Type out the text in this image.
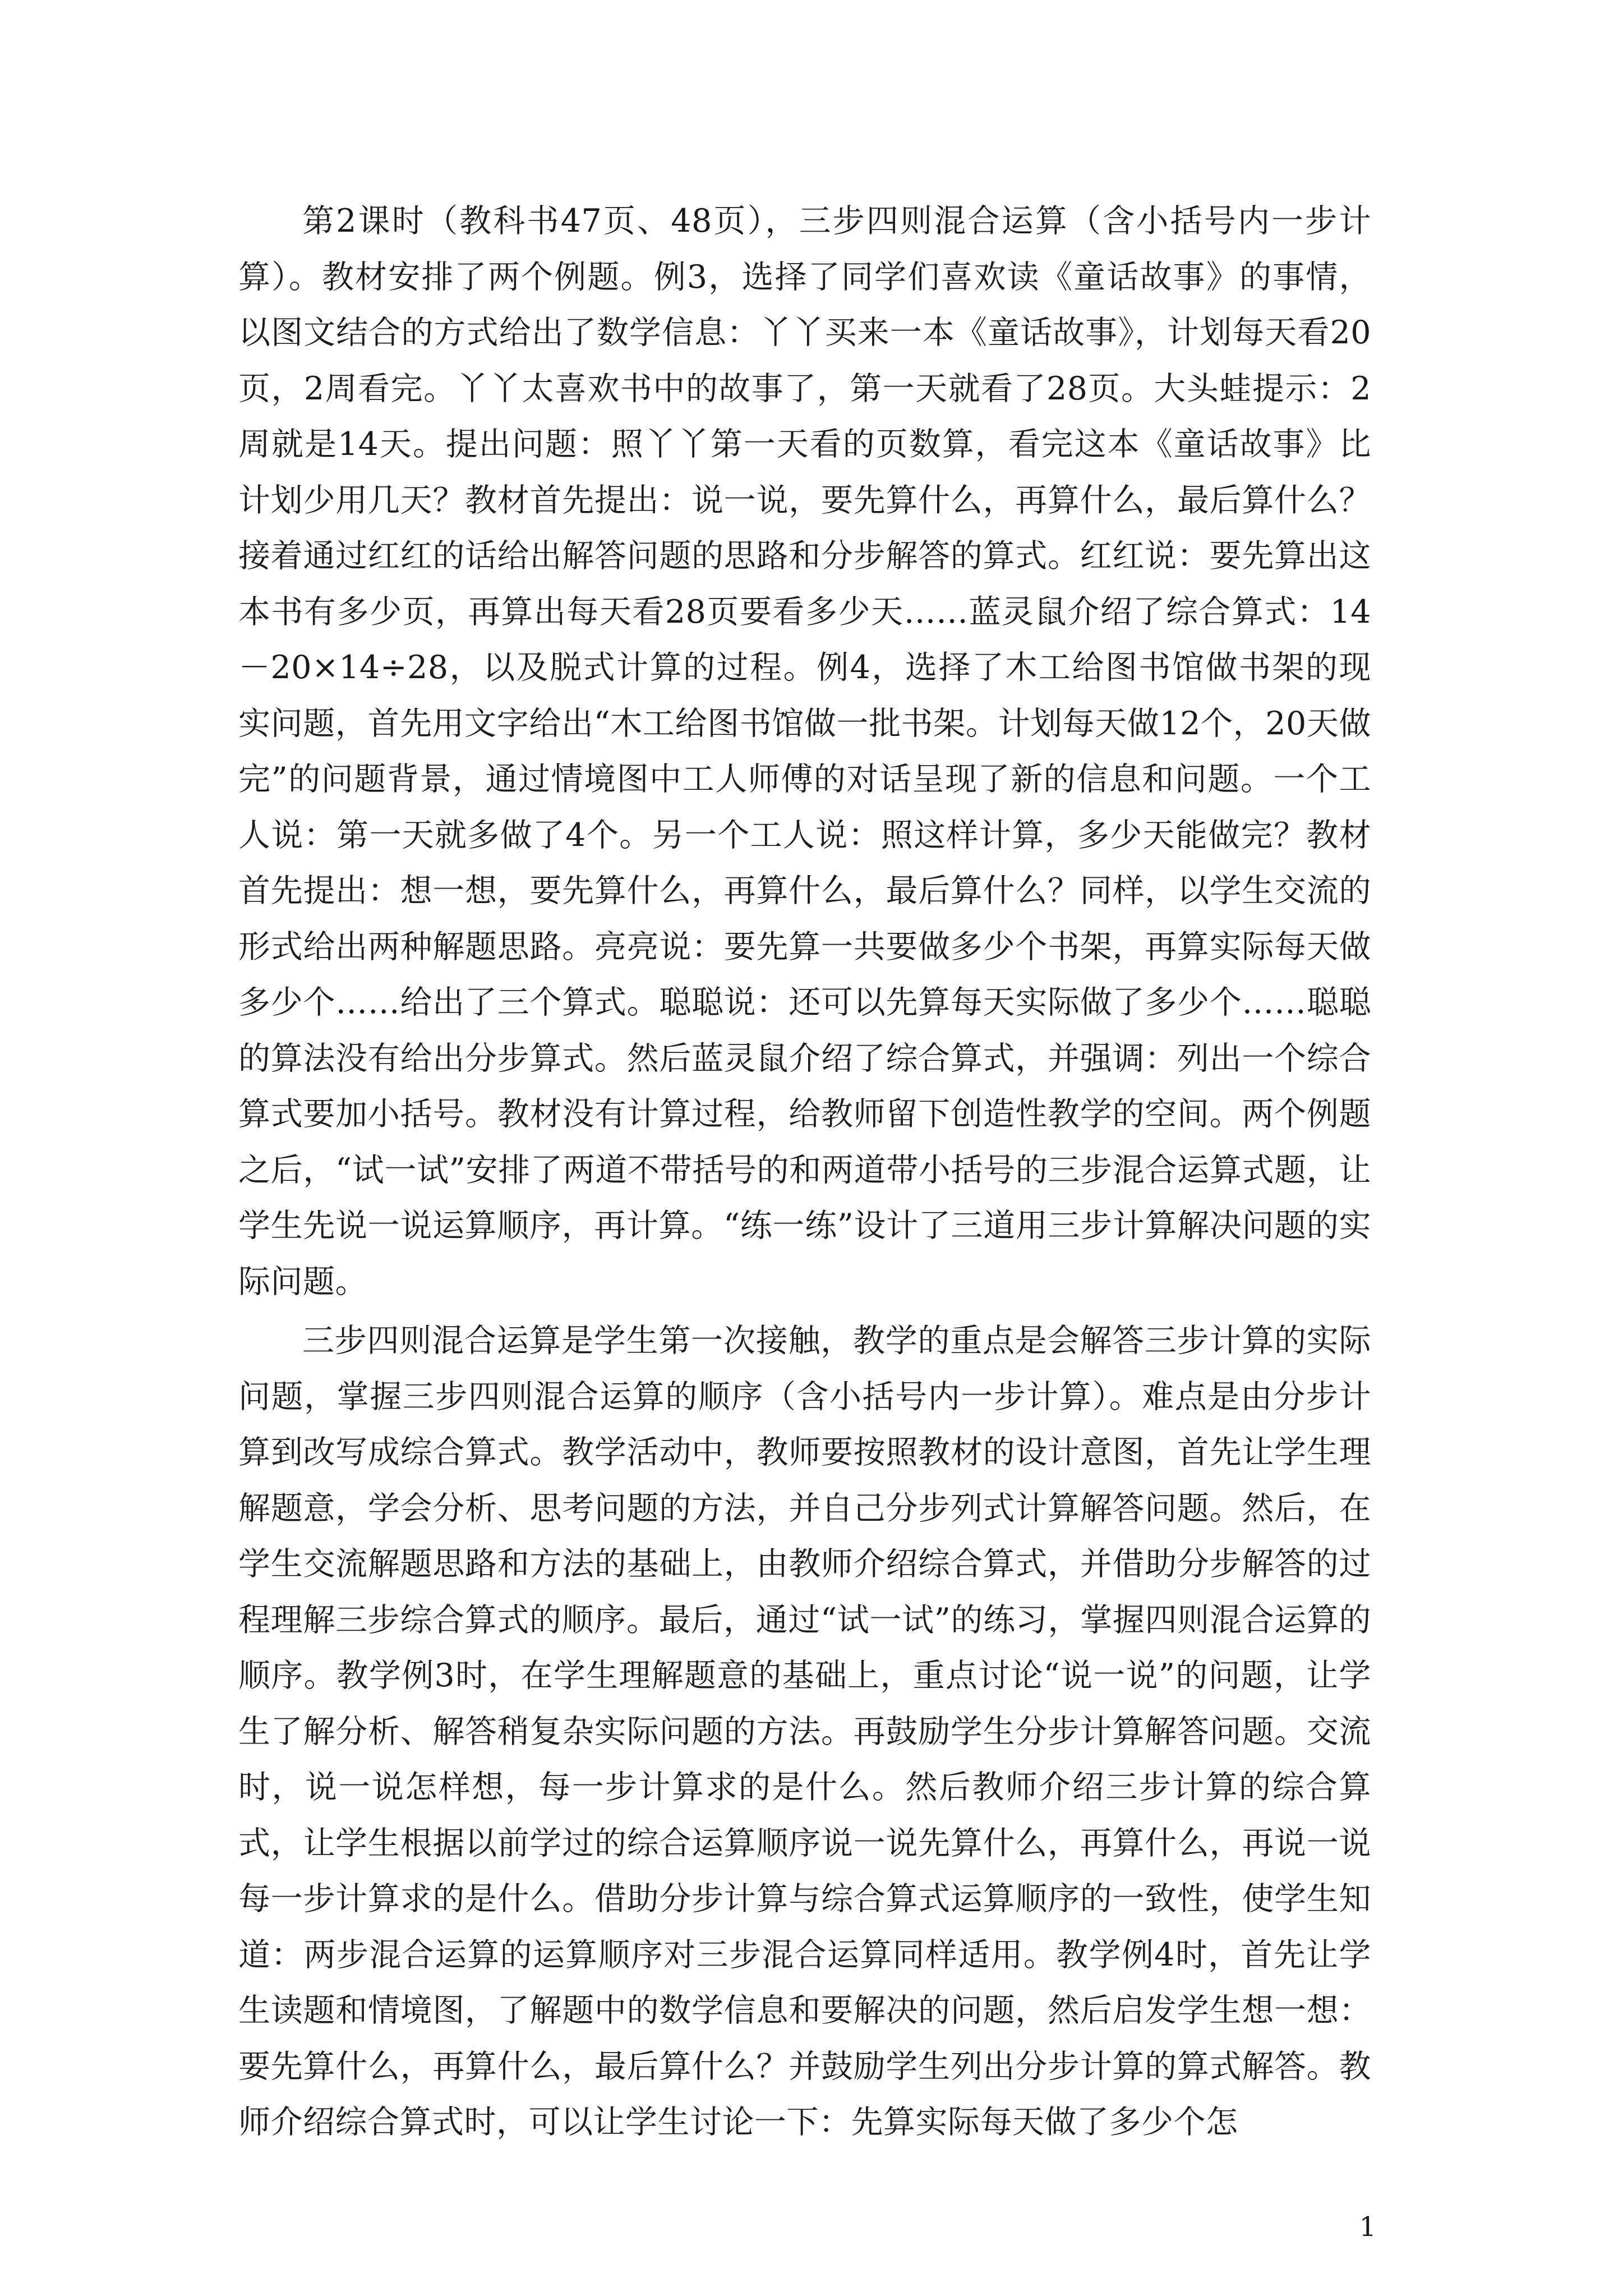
第2课时（教科书47页、48页），三步四则混合运算（含小括号内一步计算）。教材安排了两个例题。例3，选择了同学们喜欢读《童话故事》的事情，以图文结合的方式给出了数学信息：丫丫买来一本《童话故事》，计划每天看20页，2周看完。丫丫太喜欢书中的故事了，第一天就看了28页。大头蛙提示：2周就是14天。提出问题：照丫丫第一天看的页数算，看完这本《童话故事》比计划少用几天？教材首先提出：说一说，要先算什么，再算什么，最后算什么？接着通过红红的话给出解答问题的思路和分步解答的算式。红红说：要先算出这本书有多少页，再算出每天看28页要看多少天……蓝灵鼠介绍了综合算式：14－20×14÷28，以及脱式计算的过程。例4，选择了木工给图书馆做书架的现实问题，首先用文字给出“木工给图书馆做一批书架。计划每天做12个，20天做完”的问题背景，通过情境图中工人师傅的对话呈现了新的信息和问题。一个工人说：第一天就多做了4个。另一个工人说：照这样计算，多少天能做完？教材首先提出：想一想，要先算什么，再算什么，最后算什么？同样，以学生交流的形式给出两种解题思路。亮亮说：要先算一共要做多少个书架，再算实际每天做多少个……给出了三个算式。聪聪说：还可以先算每天实际做了多少个……聪聪的算法没有给出分步算式。然后蓝灵鼠介绍了综合算式，并强调：列出一个综合算式要加小括号。教材没有计算过程，给教师留下创造性教学的空间。两个例题之后，“试一试”安排了两道不带括号的和两道带小括号的三步混合运算式题，让学生先说一说运算顺序，再计算。“练一练”设计了三道用三步计算解决问题的实际问题。

三步四则混合运算是学生第一次接触，教学的重点是会解答三步计算的实际问题，掌握三步四则混合运算的顺序（含小括号内一步计算）。难点是由分步计算到改写成综合算式。教学活动中，教师要按照教材的设计意图，首先让学生理解题意，学会分析、思考问题的方法，并自己分步列式计算解答问题。然后，在学生交流解题思路和方法的基础上，由教师介绍综合算式，并借助分步解答的过程理解三步综合算式的顺序。最后，通过“试一试”的练习，掌握四则混合运算的顺序。教学例3时，在学生理解题意的基础上，重点讨论“说一说”的问题，让学生了解分析、解答稍复杂实际问题的方法。再鼓励学生分步计算解答问题。交流时，说一说怎样想，每一步计算求的是什么。然后教师介绍三步计算的综合算式，让学生根据以前学过的综合运算顺序说一说先算什么，再算什么，再说一说每一步计算求的是什么。借助分步计算与综合算式运算顺序的一致性，使学生知道：两步混合运算的运算顺序对三步混合运算同样适用。教学例4时，首先让学生读题和情境图，了解题中的数学信息和要解决的问题，然后启发学生想一想：要先算什么，再算什么，最后算什么？并鼓励学生列出分步计算的算式解答。教师介绍综合算式时，可以让学生讨论一下：先算实际每天做了多少个怎

1
